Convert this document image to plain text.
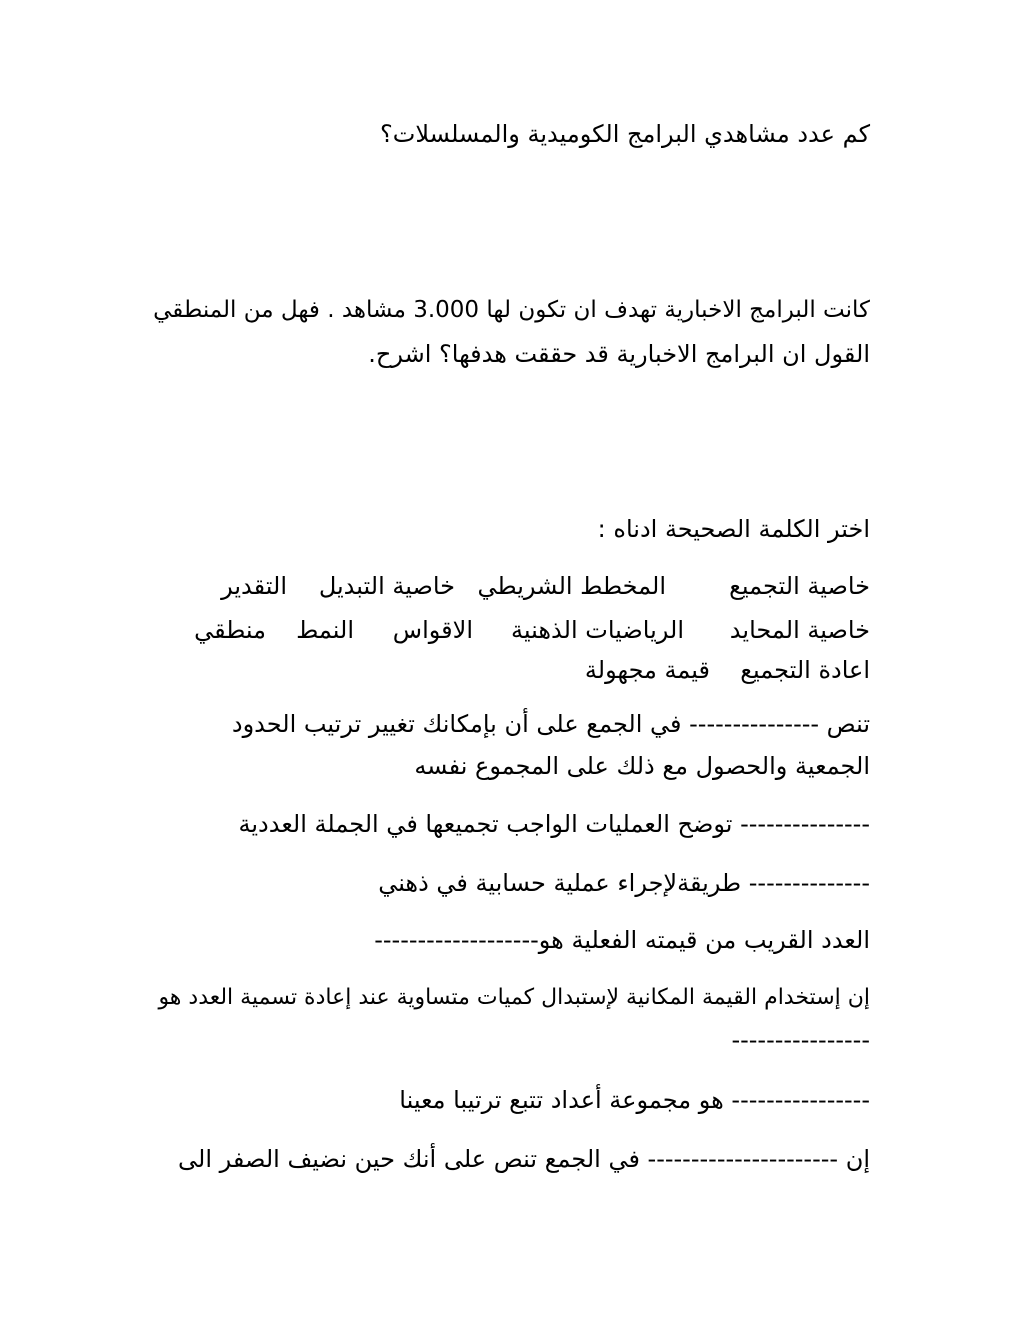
كم عدد مشاهدي البرامج الكوميدية والمسلسلات؟
كانت البرامج الاخبارية تهدف ان تكون لها 3.000 مشاهد . فهل من المنطقي
القول ان البرامج الاخبارية قد حققت هدفها؟ اشرح.
اختر الكلمة الصحيحة ادناه :
خاصية التجميع
المخطط الشريطي
خاصية التبديل
التقدير
خاصية المحايد
الرياضيات الذهنية
الاقواس
النمط
منطقي
اعادة التجميع
قيمة مجهولة
تنص --------------- في الجمع على أن بإمكانك تغيير ترتيب الحدود
الجمعية والحصول مع ذلك على المجموع نفسه
--------------- توضح العمليات الواجب تجميعها في الجملة العددية
-------------- طريقةلإجراء عملية حسابية في ذهني
العدد القريب من قيمته الفعلية هو-------------------
إن إستخدام القيمة المكانية لإستبدال كميات متساوية عند إعادة تسمية العدد هو
----------------
---------------- هو مجموعة أعداد تتبع ترتيبا معينا
إن ---------------------- في الجمع تنص على أنك حين نضيف الصفر الى
